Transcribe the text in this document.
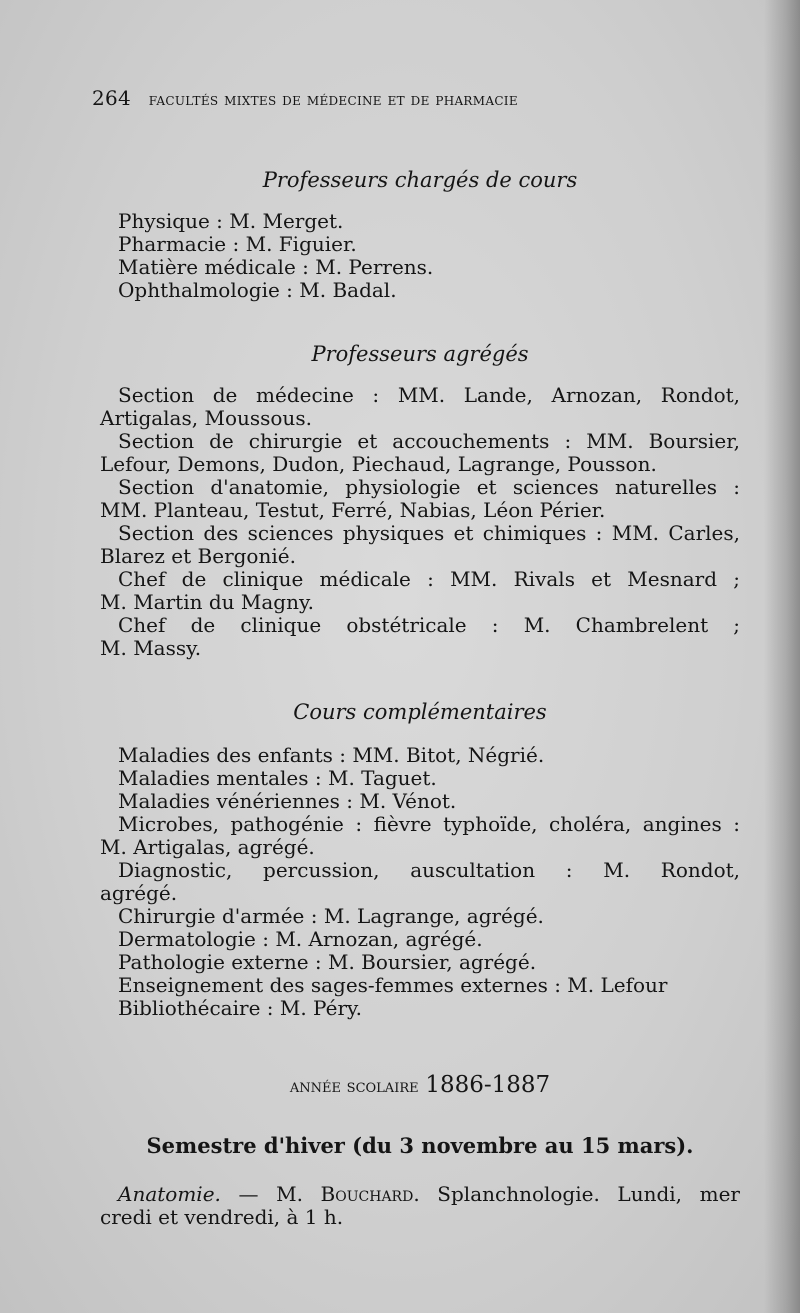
264 facultés mixtes de médecine et de pharmacie
Professeurs chargés de cours
Physique : M. Merget.
Pharmacie : M. Figuier.
Matière médicale : M. Perrens.
Ophthalmologie : M. Badal.
Professeurs agrégés
Section de médecine : MM. Lande, Arnozan, Rondot,
Artigalas, Moussous.
Section de chirurgie et accouchements : MM. Boursier,
Lefour, Demons, Dudon, Piechaud, Lagrange, Pousson.
Section d'anatomie, physiologie et sciences naturelles :
MM. Planteau, Testut, Ferré, Nabias, Léon Périer.
Section des sciences physiques et chimiques : MM. Carles,
Blarez et Bergonié.
Chef de clinique médicale : MM. Rivals et Mesnard ;
M. Martin du Magny.
Chef de clinique obstétricale : M. Chambrelent ;
M. Massy.
Cours complémentaires
Maladies des enfants : MM. Bitot, Négrié.
Maladies mentales : M. Taguet.
Maladies vénériennes : M. Vénot.
Microbes, pathogénie : fièvre typhoïde, choléra, angines :
M. Artigalas, agrégé.
Diagnostic, percussion, auscultation : M. Rondot,
agrégé.
Chirurgie d'armée : M. Lagrange, agrégé.
Dermatologie : M. Arnozan, agrégé.
Pathologie externe : M. Boursier, agrégé.
Enseignement des sages-femmes externes : M. Lefour
Bibliothécaire : M. Péry.
année scolaire 1886-1887
Semestre d'hiver (du 3 novembre au 15 mars).
Anatomie. — M. Bouchard. Splanchnologie. Lundi, mer
credi et vendredi, à 1 h.
